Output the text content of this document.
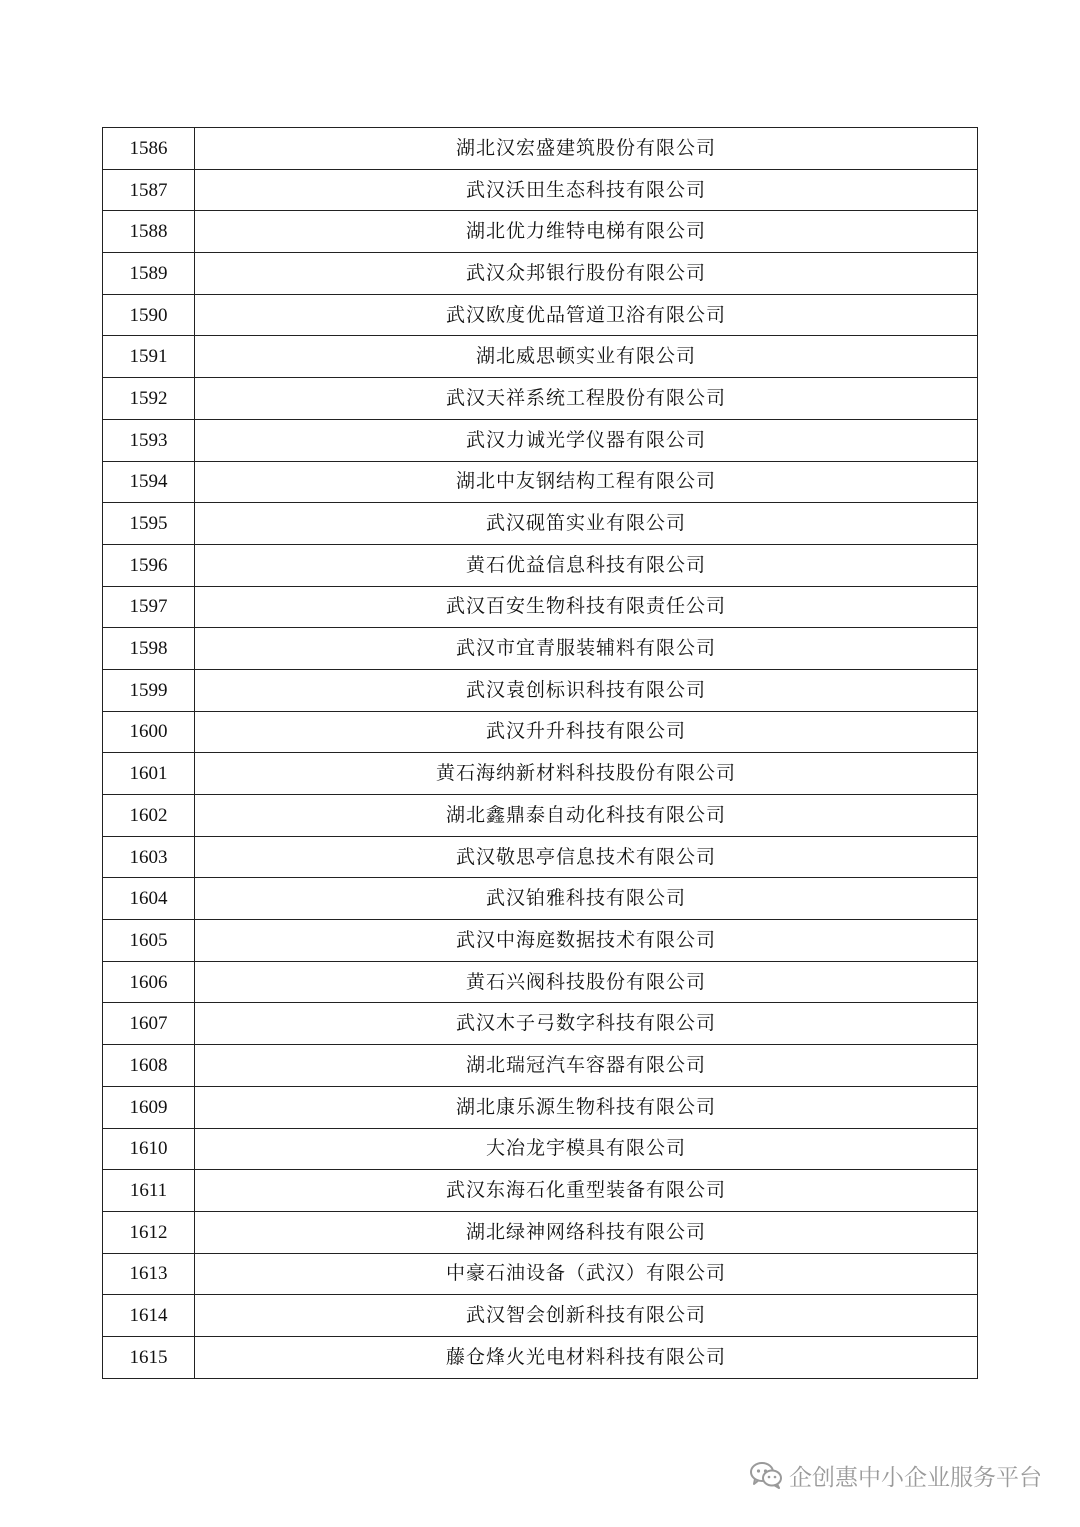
1586	湖北汉宏盛建筑股份有限公司
1587	武汉沃田生态科技有限公司
1588	湖北优力维特电梯有限公司
1589	武汉众邦银行股份有限公司
1590	武汉欧度优品管道卫浴有限公司
1591	湖北威思顿实业有限公司
1592	武汉天祥系统工程股份有限公司
1593	武汉力诚光学仪器有限公司
1594	湖北中友钢结构工程有限公司
1595	武汉砚笛实业有限公司
1596	黄石优益信息科技有限公司
1597	武汉百安生物科技有限责任公司
1598	武汉市宜青服装辅料有限公司
1599	武汉袁创标识科技有限公司
1600	武汉升升科技有限公司
1601	黄石海纳新材料科技股份有限公司
1602	湖北鑫鼎泰自动化科技有限公司
1603	武汉敬思亭信息技术有限公司
1604	武汉铂雅科技有限公司
1605	武汉中海庭数据技术有限公司
1606	黄石兴阀科技股份有限公司
1607	武汉木子弓数字科技有限公司
1608	湖北瑞冠汽车容器有限公司
1609	湖北康乐源生物科技有限公司
1610	大冶龙宇模具有限公司
1611	武汉东海石化重型装备有限公司
1612	湖北绿神网络科技有限公司
1613	中豪石油设备（武汉）有限公司
1614	武汉智会创新科技有限公司
1615	藤仓烽火光电材料科技有限公司
企创惠中小企业服务平台
